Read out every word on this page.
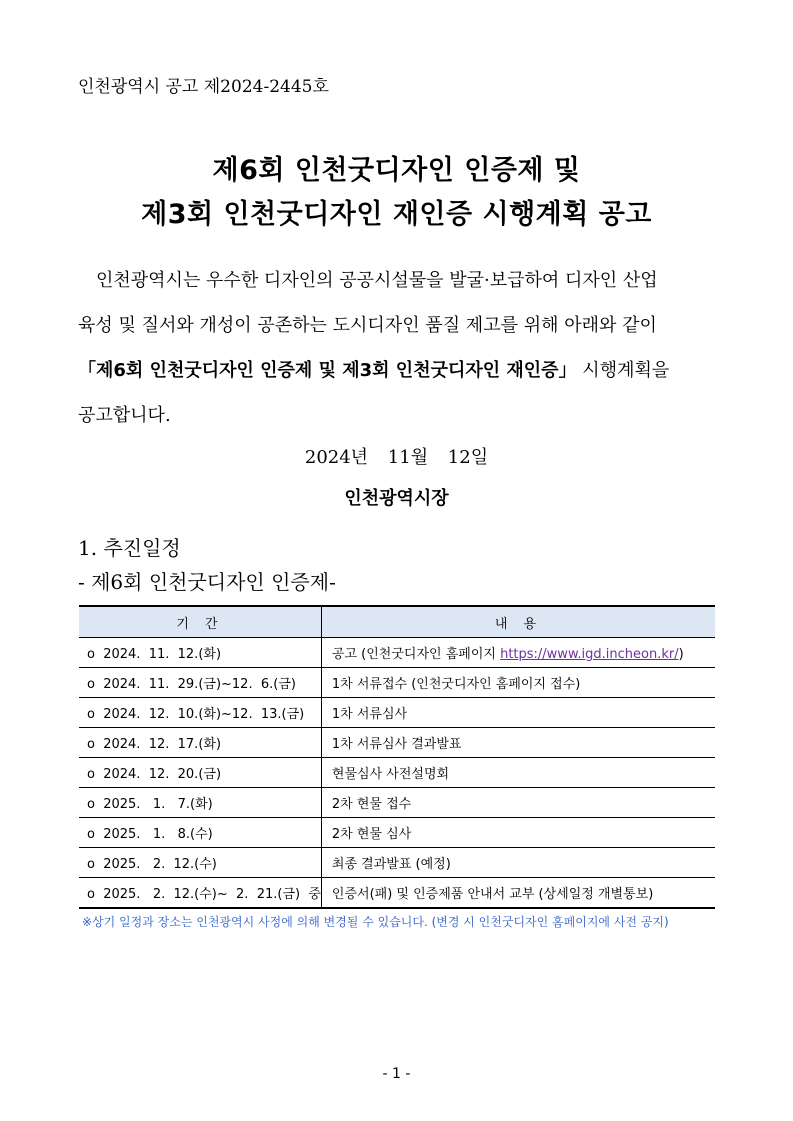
인천광역시 공고 제2024-2445호
제6회 인천굿디자인 인증제 및
제3회 인천굿디자인 재인증 시행계획 공고
인천광역시는 우수한 디자인의 공공시설물을 발굴·보급하여 디자인 산업
육성 및 질서와 개성이 공존하는 도시디자인 품질 제고를 위해 아래와 같이
「제6회 인천굿디자인 인증제 및 제3회 인천굿디자인 재인증」 시행계획을
공고합니다.
2024년 11월 12일
인천광역시장
1. 추진일정
- 제6회 인천굿디자인 인증제-
기 간	내 용
o  2024.  11.  12.(화)	공고 (인천굿디자인 홈페이지 https://www.igd.incheon.kr/)
o  2024.  11.  29.(금)~12.  6.(금)	1차 서류접수 (인천굿디자인 홈페이지 접수)
o  2024.  12.  10.(화)~12.  13.(금)	1차 서류심사
o  2024.  12.  17.(화)	1차 서류심사 결과발표
o  2024.  12.  20.(금)	현물심사 사전설명회
o  2025.   1.   7.(화)	2차 현물 접수
o  2025.   1.   8.(수)	2차 현물 심사
o  2025.   2.  12.(수)	최종 결과발표 (예정)
o  2025.   2.  12.(수)~  2.  21.(금)  중	인증서(패) 및 인증제품 안내서 교부 (상세일정 개별통보)
※상기 일정과 장소는 인천광역시 사정에 의해 변경될 수 있습니다. (변경 시 인천굿디자인 홈페이지에 사전 공지)
- 1 -
